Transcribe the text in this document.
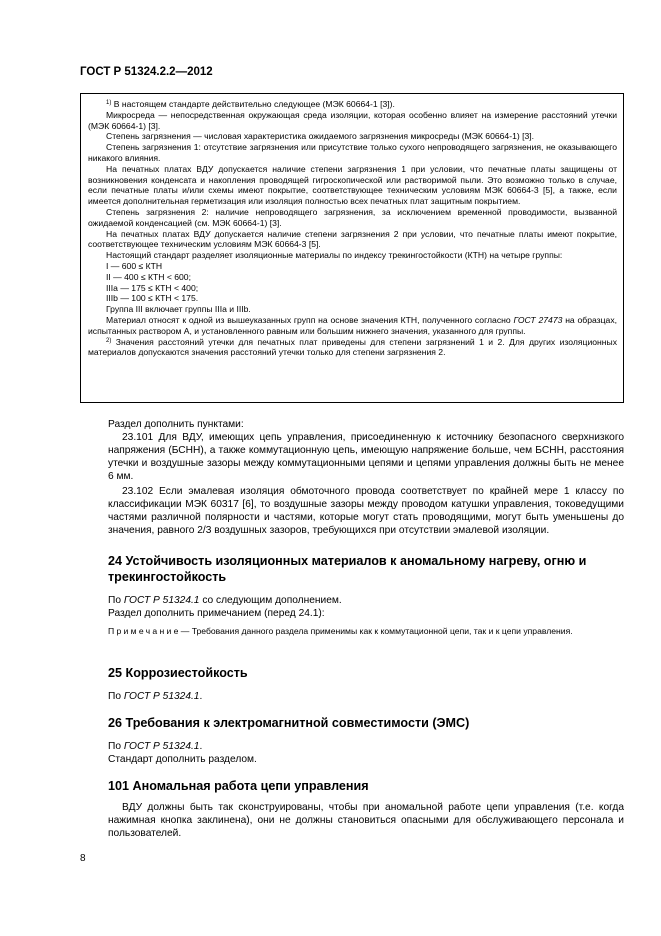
ГОСТ Р 51324.2.2—2012

$^{1)}$ В настоящем стандарте действительно следующее (МЭК 60664-1 [3]).

Микросреда — непосредственная окружающая среда изоляции, которая особенно влияет на измерение расстояний утечки (МЭК 60664-1) [3].

Степень загрязнения — числовая характеристика ожидаемого загрязнения микросреды (МЭК 60664-1) [3].

Степень загрязнения 1: отсутствие загрязнения или присутствие только сухого непроводящего загрязнения, не оказывающего никакого влияния.

На печатных платах ВДУ допускается наличие степени загрязнения 1 при условии, что печатные платы защищены от возникновения конденсата и накопления проводящей гигроскопической или растворимой пыли. Это возможно только в случае, если печатные платы и/или схемы имеют покрытие, соответствующее техническим условиям МЭК 60664-3 [5], а также, если имеется дополнительная герметизация или изоляция полностью всех печатных плат защитным покрытием.

Степень загрязнения 2: наличие непроводящего загрязнения, за исключением временной проводимости, вызванной ожидаемой конденсацией (см. МЭК 60664-1) [3].

На печатных платах ВДУ допускается наличие степени загрязнения 2 при условии, что печатные платы имеют покрытие, соответствующее техническим условиям МЭК 60664-3 [5].

Настоящий стандарт разделяет изоляционные материалы по индексу трекингостойкости (КТН) на четыре группы:

I — 600 ≤ КТН

II — 400 ≤ КТН < 600;

IIIa — 175 ≤ КТН < 400;

IIIb — 100 ≤ КТН < 175.

Группа III включает группы IIIa и IIIb.

Материал относят к одной из вышеуказанных групп на основе значения КТН, полученного согласно ГОСТ 27473 на образцах, испытанных раствором А, и установленного равным или большим нижнего значения, указанного для группы.

$^{2)}$ Значения расстояний утечки для печатных плат приведены для степени загрязнений 1 и 2. Для других изоляционных материалов допускаются значения расстояний утечки только для степени загрязнения 2.

Раздел дополнить пунктами:

23.101 Для ВДУ, имеющих цепь управления, присоединенную к источнику безопасного сверхнизкого напряжения (БСНН), а также коммутационную цепь, имеющую напряжение больше, чем БСНН, расстояния утечки и воздушные зазоры между коммутационными цепями и цепями управления должны быть не менее 6 мм.

23.102 Если эмалевая изоляция обмоточного провода соответствует по крайней мере 1 классу по классификации МЭК 60317 [6], то воздушные зазоры между проводом катушки управления, токоведущими частями различной полярности и частями, которые могут стать проводящими, могут быть уменьшены до значения, равного 2/3 воздушных зазоров, требующихся при отсутствии эмалевой изоляции.

24 Устойчивость изоляционных материалов к аномальному нагреву, огню и трекингостойкость

По ГОСТ Р 51324.1 со следующим дополнением.

Раздел дополнить примечанием (перед 24.1):

Примечание— Требования данного раздела применимы как к коммутационной цепи, так и к цепи управления.

25 Коррозиестойкость

По ГОСТ Р 51324.1.

26 Требования к электромагнитной совместимости (ЭМС)

По ГОСТ Р 51324.1.

Стандарт дополнить разделом.

101 Аномальная работа цепи управления

ВДУ должны быть так сконструированы, чтобы при аномальной работе цепи управления (т.е. когда нажимная кнопка заклинена), они не должны становиться опасными для обслуживающего персонала и пользователей.

8
